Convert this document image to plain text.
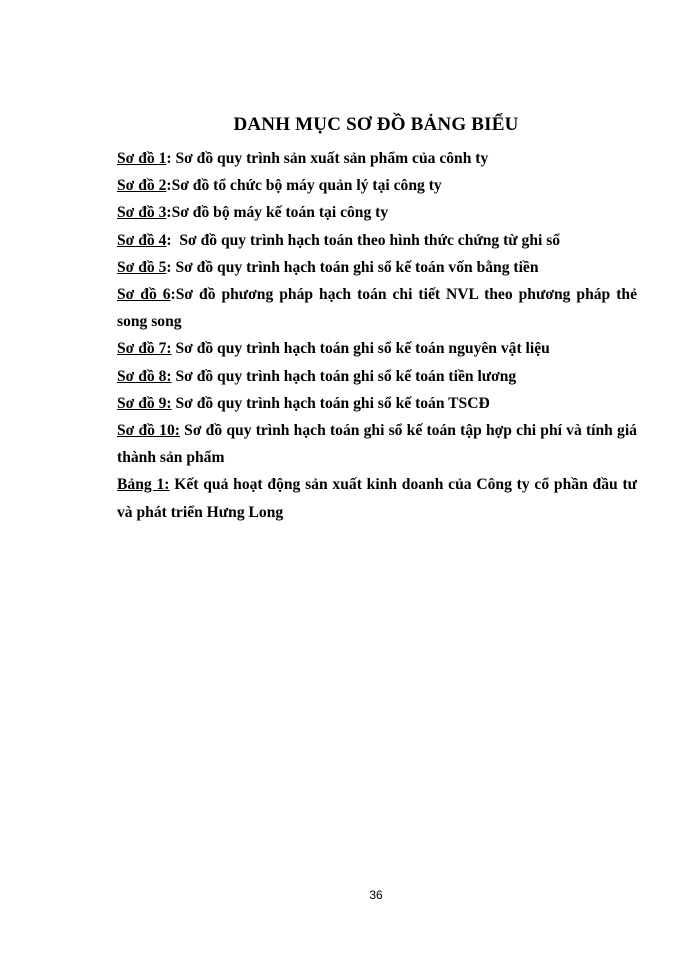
DANH MỤC SƠ ĐỒ BẢNG BIỂU
Sơ đồ 1: Sơ đồ quy trình sản xuất sản phẩm của cônh ty
Sơ đồ 2:Sơ đồ tổ chức bộ máy quản lý tại công ty
Sơ đồ 3:Sơ đồ bộ máy kế toán tại công ty
Sơ đồ 4:  Sơ đồ quy trình hạch toán theo hình thức chứng từ ghi sổ
Sơ đồ 5: Sơ đồ quy trình hạch toán ghi sổ kế toán vốn bằng tiền
Sơ đồ 6:Sơ đồ phương pháp hạch toán chi tiết NVL theo phương pháp thẻ song song
Sơ đồ 7: Sơ đồ quy trình hạch toán ghi sổ kế toán nguyên vật liệu
Sơ đồ 8: Sơ đồ quy trình hạch toán ghi sổ kế toán tiền lương
Sơ đồ 9: Sơ đồ quy trình hạch toán ghi sổ kế toán TSCĐ
Sơ đồ 10: Sơ đồ quy trình hạch toán ghi sổ kế toán tập hợp chi phí và tính giá thành sản phẩm
Bảng 1: Kết quả hoạt động sản xuất kinh doanh của Công ty cổ phần đầu tư và phát triển Hưng Long
36
